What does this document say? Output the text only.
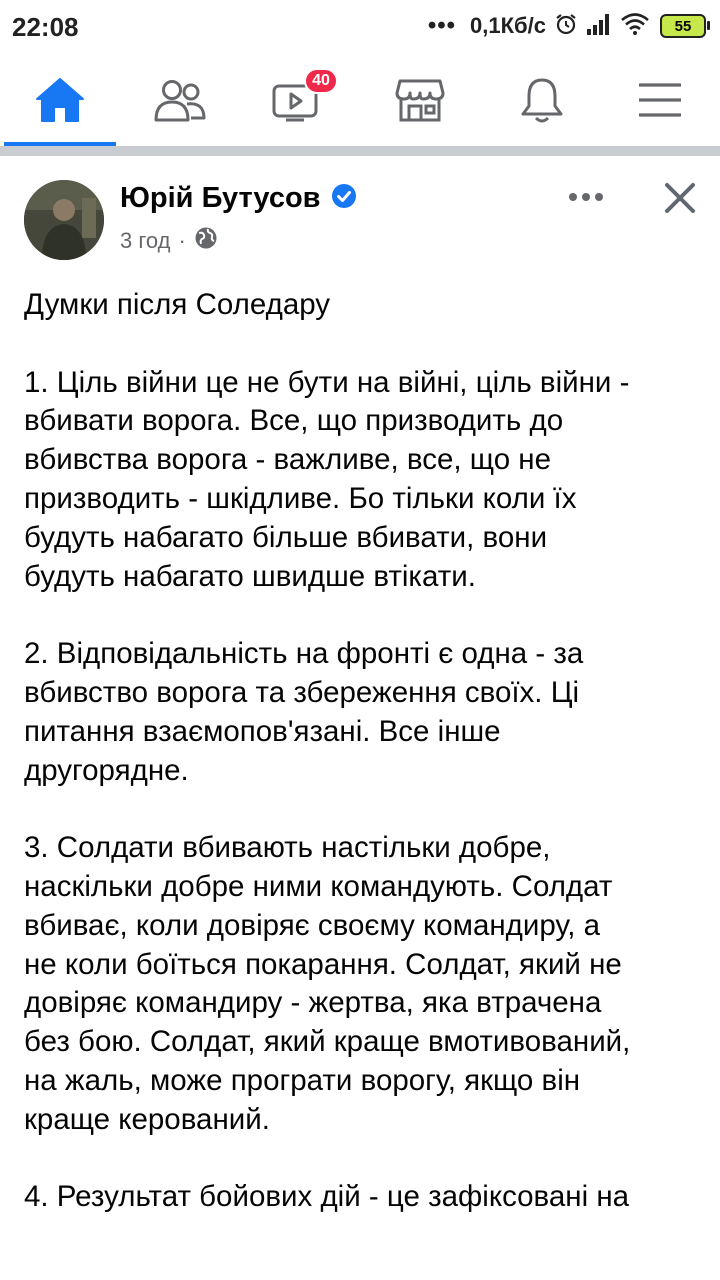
22:08	••• 0,1Кб/с	55
40
Юрій Бутусов
3 год ·

Думки після Соледару

1. Ціль війни це не бути на війні, ціль війни -
вбивати ворога. Все, що призводить до
вбивства ворога - важливе, все, що не
призводить - шкідливе. Бо тільки коли їх
будуть набагато більше вбивати, вони
будуть набагато швидше втікати.

2. Відповідальність на фронті є одна - за
вбивство ворога та збереження своїх. Ці
питання взаємопов'язані. Все інше
другорядне.

3. Солдати вбивають настільки добре,
наскільки добре ними командують. Солдат
вбиває, коли довіряє своєму командиру, а
не коли боїться покарання. Солдат, який не
довіряє командиру - жертва, яка втрачена
без бою. Солдат, який краще вмотивований,
на жаль, може програти ворогу, якщо він
краще керований.

4. Результат бойових дій - це зафіксовані на
